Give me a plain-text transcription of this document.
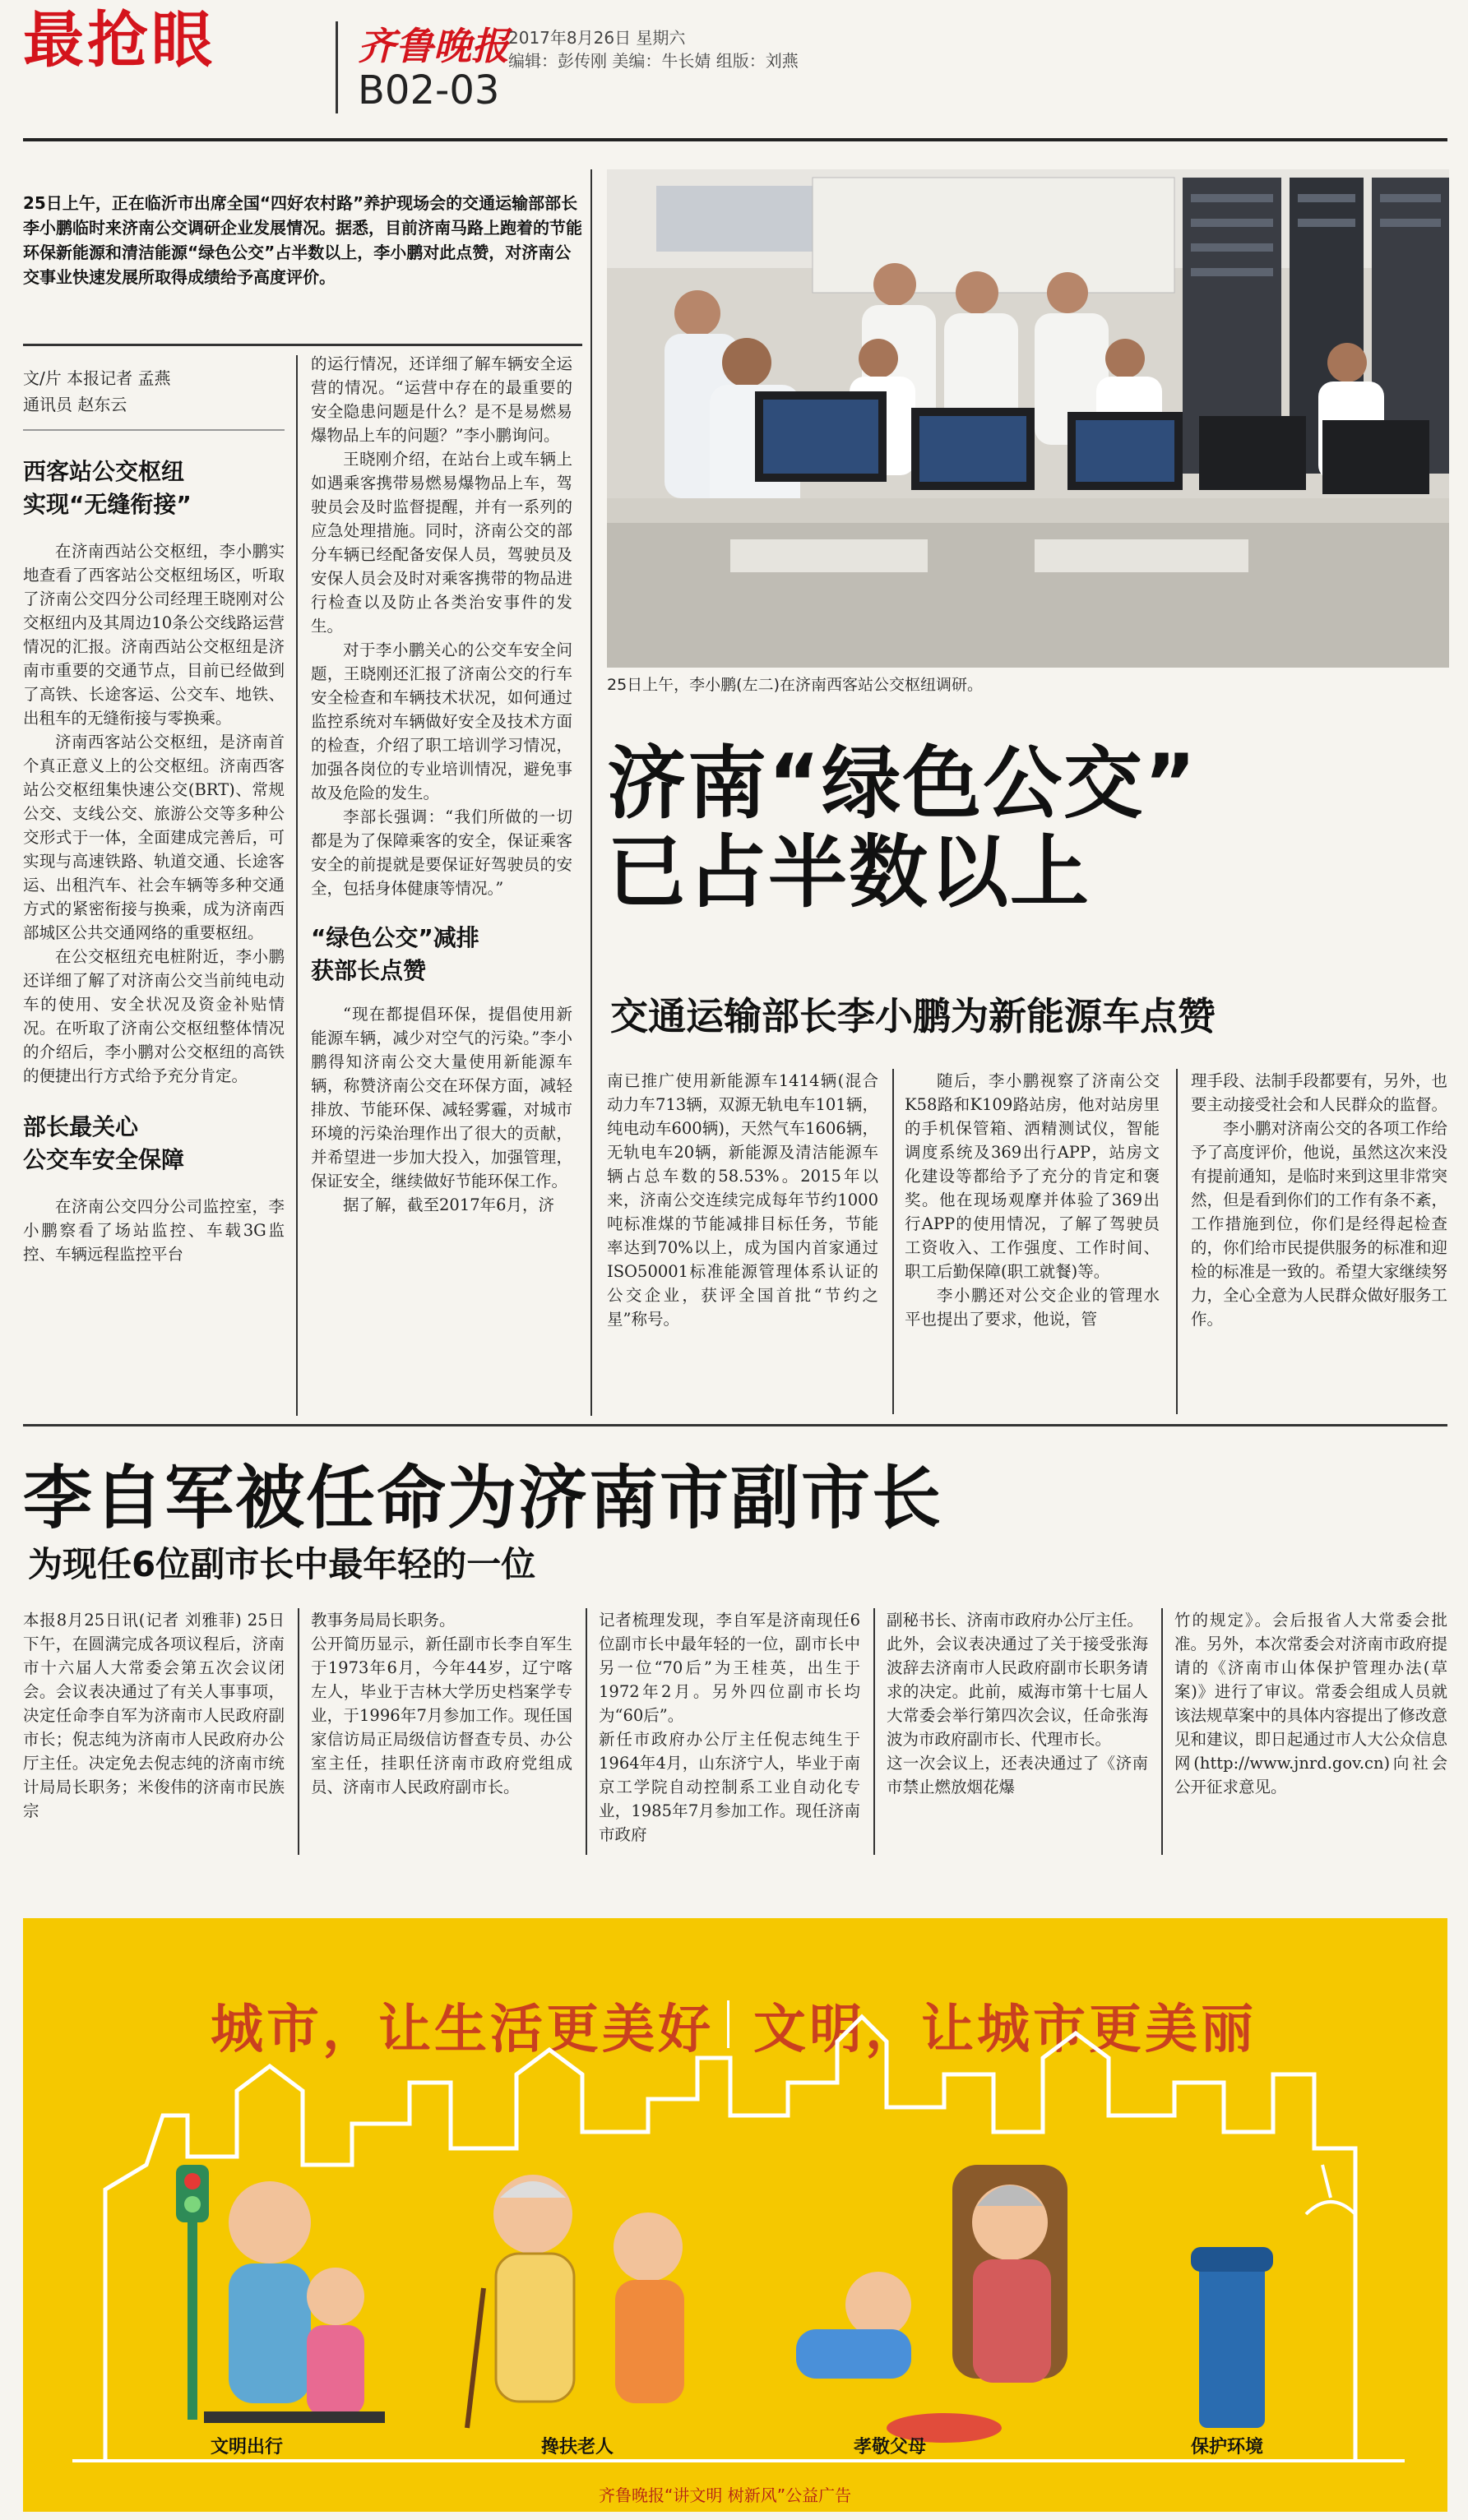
最抢眼	齐鲁晚报
B02-03
2017年8月26日 星期六
编辑：彭传刚 美编：牛长婧 组版：刘燕
25日上午，正在临沂市出席全国“四好农村路”养护现场会的交通运输部部长李小鹏临时来济南公交调研企业发展情况。据悉，目前济南马路上跑着的节能环保新能源和清洁能源“绿色公交”占半数以上，李小鹏对此点赞，对济南公交事业快速发展所取得成绩给予高度评价。
文/片 本报记者 孟燕
通讯员 赵东云
西客站公交枢纽
实现“无缝衔接”

在济南西站公交枢纽，李小鹏实地查看了西客站公交枢纽场区，听取了济南公交四分公司经理王晓刚对公交枢纽内及其周边10条公交线路运营情况的汇报。济南西站公交枢纽是济南市重要的交通节点，目前已经做到了高铁、长途客运、公交车、地铁、出租车的无缝衔接与零换乘。

济南西客站公交枢纽，是济南首个真正意义上的公交枢纽。济南西客站公交枢纽集快速公交(BRT)、常规公交、支线公交、旅游公交等多种公交形式于一体，全面建成完善后，可实现与高速铁路、轨道交通、长途客运、出租汽车、社会车辆等多种交通方式的紧密衔接与换乘，成为济南西部城区公共交通网络的重要枢纽。

在公交枢纽充电桩附近，李小鹏还详细了解了对济南公交当前纯电动车的使用、安全状况及资金补贴情况。在听取了济南公交枢纽整体情况的介绍后，李小鹏对公交枢纽的高铁的便捷出行方式给予充分肯定。

部长最关心
公交车安全保障

在济南公交四分公司监控室，李小鹏察看了场站监控、车载3G监控、车辆远程监控平台

的运行情况，还详细了解车辆安全运营的情况。“运营中存在的最重要的安全隐患问题是什么？是不是易燃易爆物品上车的问题？”李小鹏询问。

王晓刚介绍，在站台上或车辆上如遇乘客携带易燃易爆物品上车，驾驶员会及时监督提醒，并有一系列的应急处理措施。同时，济南公交的部分车辆已经配备安保人员，驾驶员及安保人员会及时对乘客携带的物品进行检查以及防止各类治安事件的发生。

对于李小鹏关心的公交车安全问题，王晓刚还汇报了济南公交的行车安全检查和车辆技术状况，如何通过监控系统对车辆做好安全及技术方面的检查，介绍了职工培训学习情况，加强各岗位的专业培训情况，避免事故及危险的发生。

李部长强调：“我们所做的一切都是为了保障乘客的安全，保证乘客安全的前提就是要保证好驾驶员的安全，包括身体健康等情况。”

“绿色公交”减排
获部长点赞

“现在都提倡环保，提倡使用新能源车辆，减少对空气的污染。”李小鹏得知济南公交大量使用新能源车辆，称赞济南公交在环保方面，减轻排放、节能环保、减轻雾霾，对城市环境的污染治理作出了很大的贡献，并希望进一步加大投入，加强管理，保证安全，继续做好节能环保工作。

据了解，截至2017年6月，济

25日上午，李小鹏(左二)在济南西客站公交枢纽调研。
济南“绿色公交”
已占半数以上
交通运输部长李小鹏为新能源车点赞

南已推广使用新能源车1414辆(混合动力车713辆，双源无轨电车101辆，纯电动车600辆)，天然气车1606辆，无轨电车20辆，新能源及清洁能源车辆占总车数的58.53%。2015年以来，济南公交连续完成每年节约1000吨标准煤的节能减排目标任务，节能率达到70%以上，成为国内首家通过ISO50001标准能源管理体系认证的公交企业，获评全国首批“节约之星”称号。

随后，李小鹏视察了济南公交K58路和K109路站房，他对站房里的手机保管箱、洒精测试仪，智能调度系统及369出行APP，站房文化建设等都给予了充分的肯定和褒奖。他在现场观摩并体验了369出行APP的使用情况，了解了驾驶员工资收入、工作强度、工作时间、职工后勤保障(职工就餐)等。

李小鹏还对公交企业的管理水平也提出了要求，他说，管

理手段、法制手段都要有，另外，也要主动接受社会和人民群众的监督。

李小鹏对济南公交的各项工作给予了高度评价，他说，虽然这次来没有提前通知，是临时来到这里非常突然，但是看到你们的工作有条不紊，工作措施到位，你们是经得起检查的，你们给市民提供服务的标准和迎检的标准是一致的。希望大家继续努力，全心全意为人民群众做好服务工作。

李自军被任命为济南市副市长
为现任6位副市长中最年轻的一位
本报8月25日讯(记者 刘雅菲) 25日下午，在圆满完成各项议程后，济南市十六届人大常委会第五次会议闭会。会议表决通过了有关人事事项，决定任命李自军为济南市人民政府副市长；倪志纯为济南市人民政府办公厅主任。决定免去倪志纯的济南市统计局局长职务；米俊伟的济南市民族宗
教事务局局长职务。
公开简历显示，新任副市长李自军生于1973年6月，今年44岁，辽宁喀左人，毕业于吉林大学历史档案学专业，于1996年7月参加工作。现任国家信访局正局级信访督查专员、办公室主任，挂职任济南市政府党组成员、济南市人民政府副市长。
记者梳理发现，李自军是济南现任6位副市长中最年轻的一位，副市长中另一位“70后”为王桂英，出生于1972年2月。另外四位副市长均为“60后”。
新任市政府办公厅主任倪志纯生于1964年4月，山东济宁人，毕业于南京工学院自动控制系工业自动化专业，1985年7月参加工作。现任济南市政府
副秘书长、济南市政府办公厅主任。
此外，会议表决通过了关于接受张海波辞去济南市人民政府副市长职务请求的决定。此前，威海市第十七届人大常委会举行第四次会议，任命张海波为市政府副市长、代理市长。
这一次会议上，还表决通过了《济南市禁止燃放烟花爆
竹的规定》。会后报省人大常委会批准。另外，本次常委会对济南市政府提请的《济南市山体保护管理办法(草案)》进行了审议。常委会组成人员就该法规草案中的具体内容提出了修改意见和建议，即日起通过市人大公众信息网(http://www.jnrd.gov.cn)向社会公开征求意见。
城市，让生活更美好 文明，让城市更美丽
文明出行	搀扶老人	孝敬父母	保护环境
齐鲁晚报“讲文明 树新风”公益广告
